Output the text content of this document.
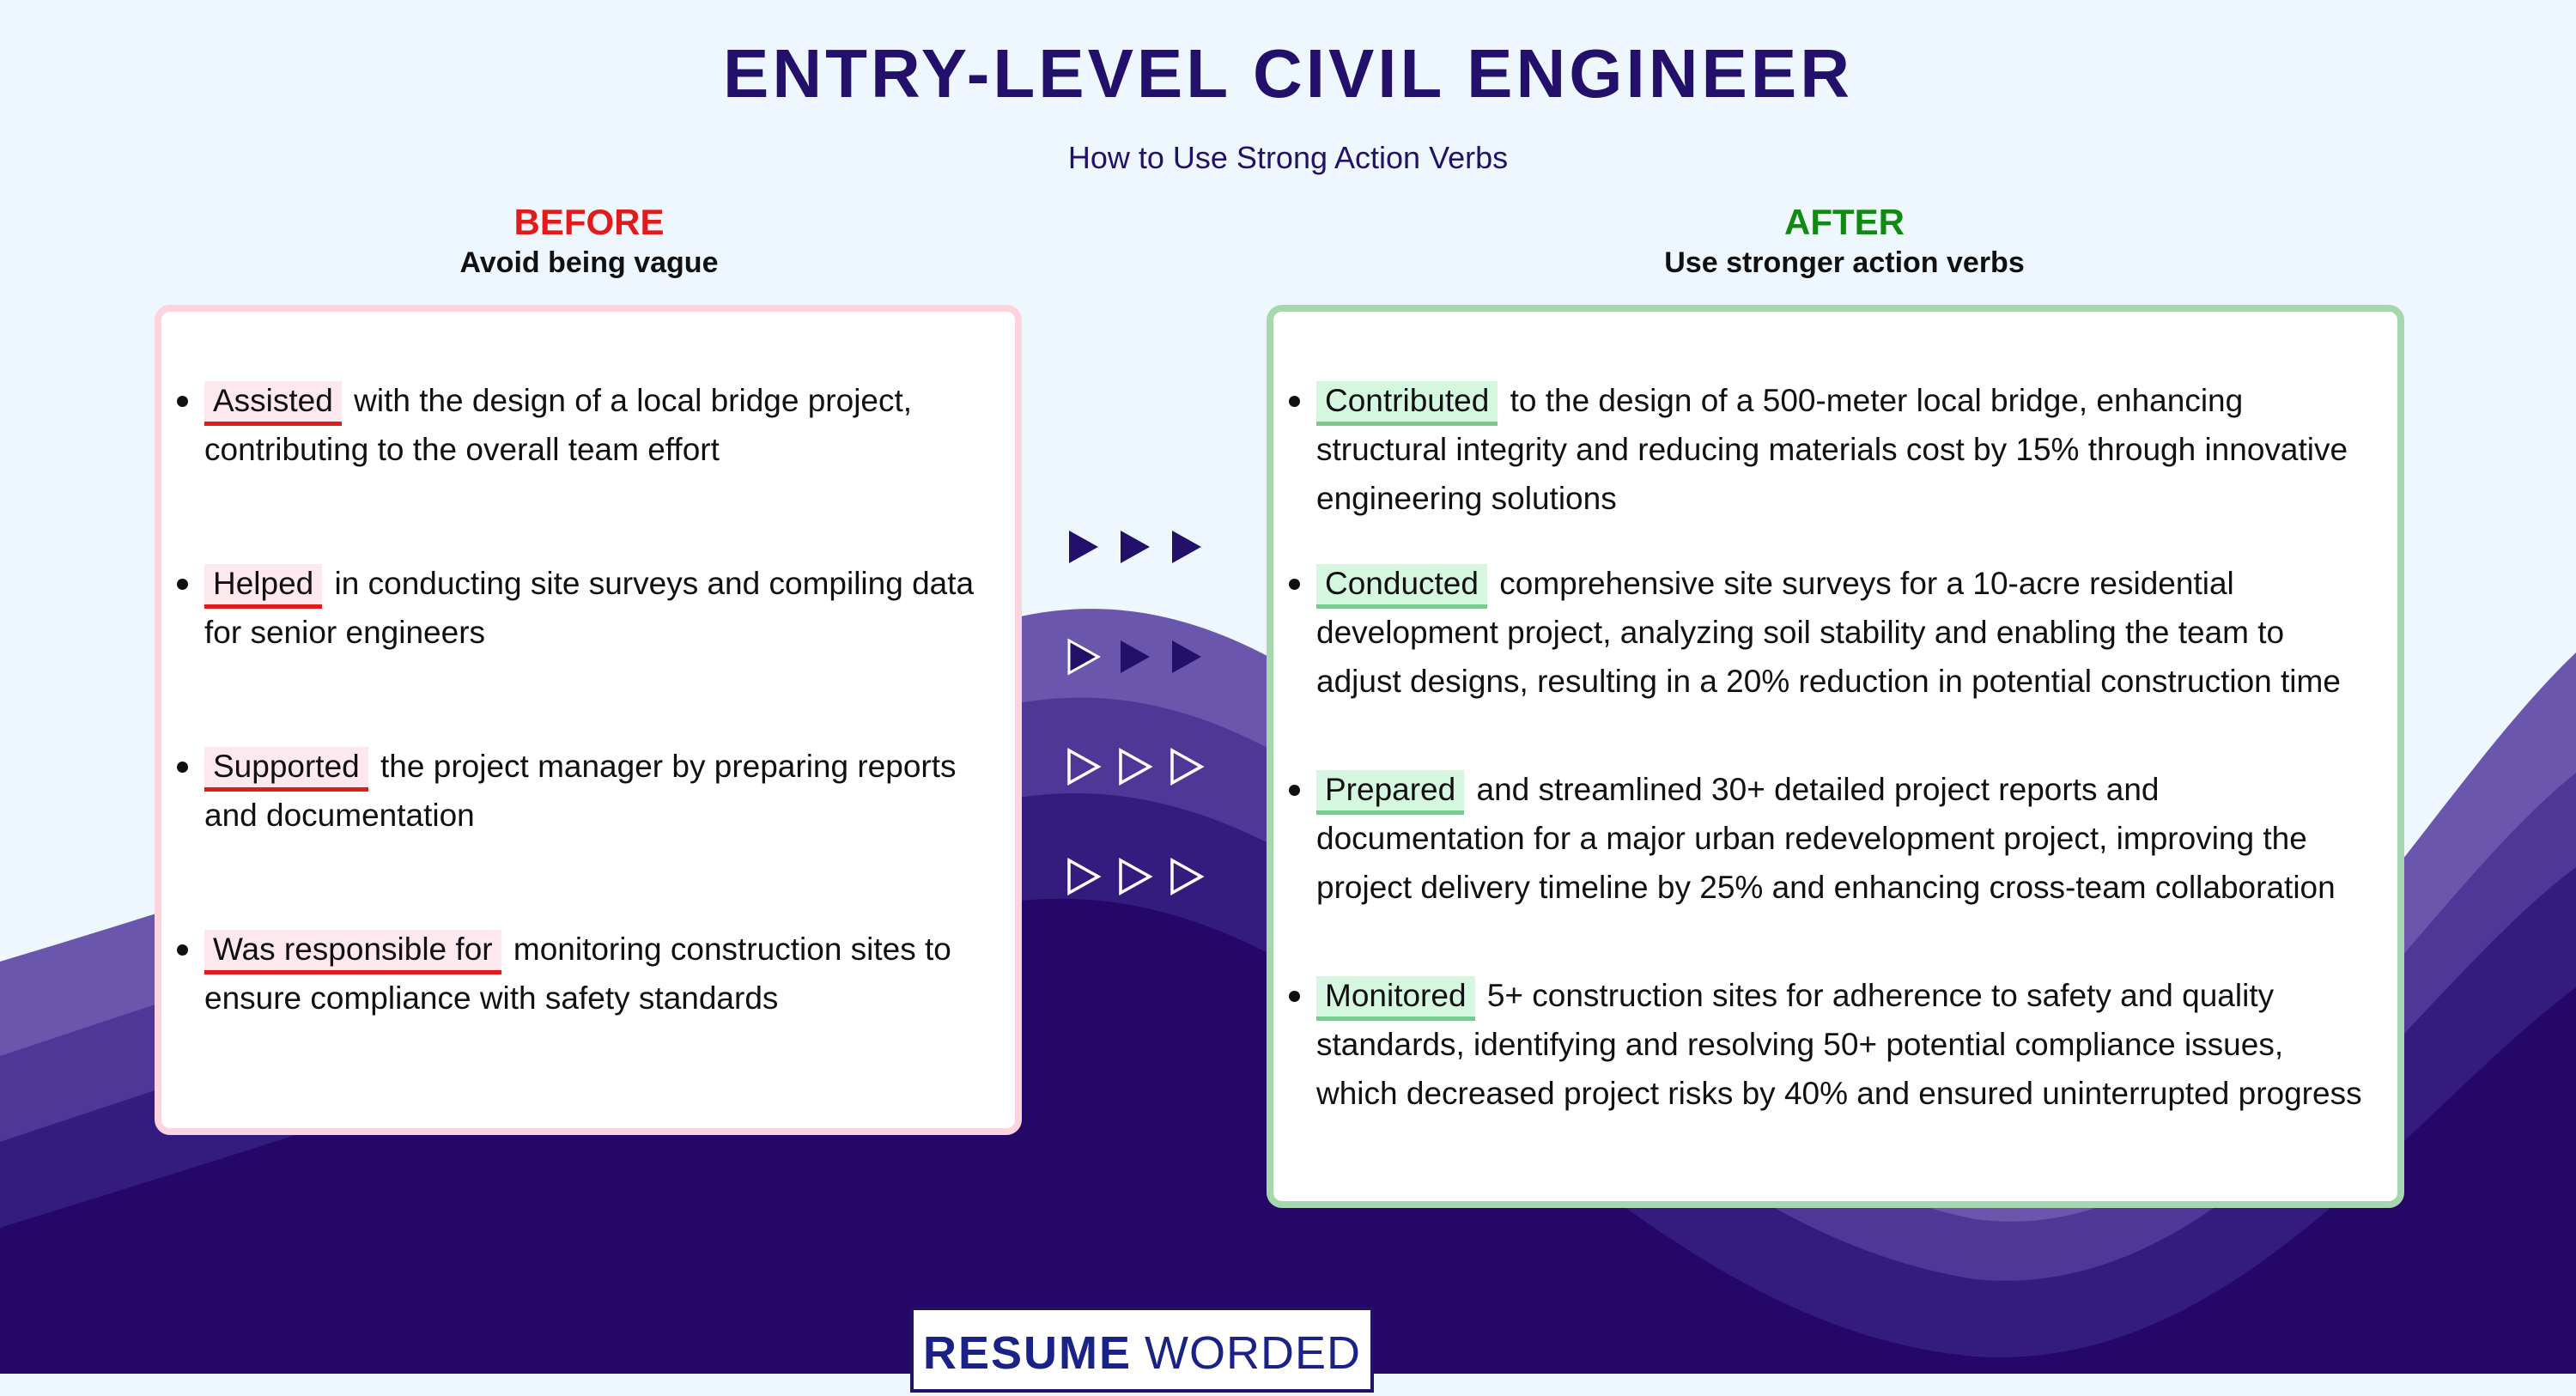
ENTRY-LEVEL CIVIL ENGINEER
How to Use Strong Action Verbs
BEFORE
Avoid being vague
AFTER
Use stronger action verbs
Assisted with the design of a local bridge project, contributing to the overall team effort
Helped in conducting site surveys and compiling data for senior engineers
Supported the project manager by preparing reports and documentation
Was responsible for monitoring construction sites to ensure compliance with safety standards
Contributed to the design of a 500-meter local bridge, enhancing structural integrity and reducing materials cost by 15% through innovative engineering solutions
Conducted comprehensive site surveys for a 10-acre residential development project, analyzing soil stability and enabling the team to adjust designs, resulting in a 20% reduction in potential construction time
Prepared and streamlined 30+ detailed project reports and documentation for a major urban redevelopment project, improving the project delivery timeline by 25% and enhancing cross-team collaboration
Monitored 5+ construction sites for adherence to safety and quality standards, identifying and resolving 50+ potential compliance issues, which decreased project risks by 40% and ensured uninterrupted progress
RESUME WORDED
